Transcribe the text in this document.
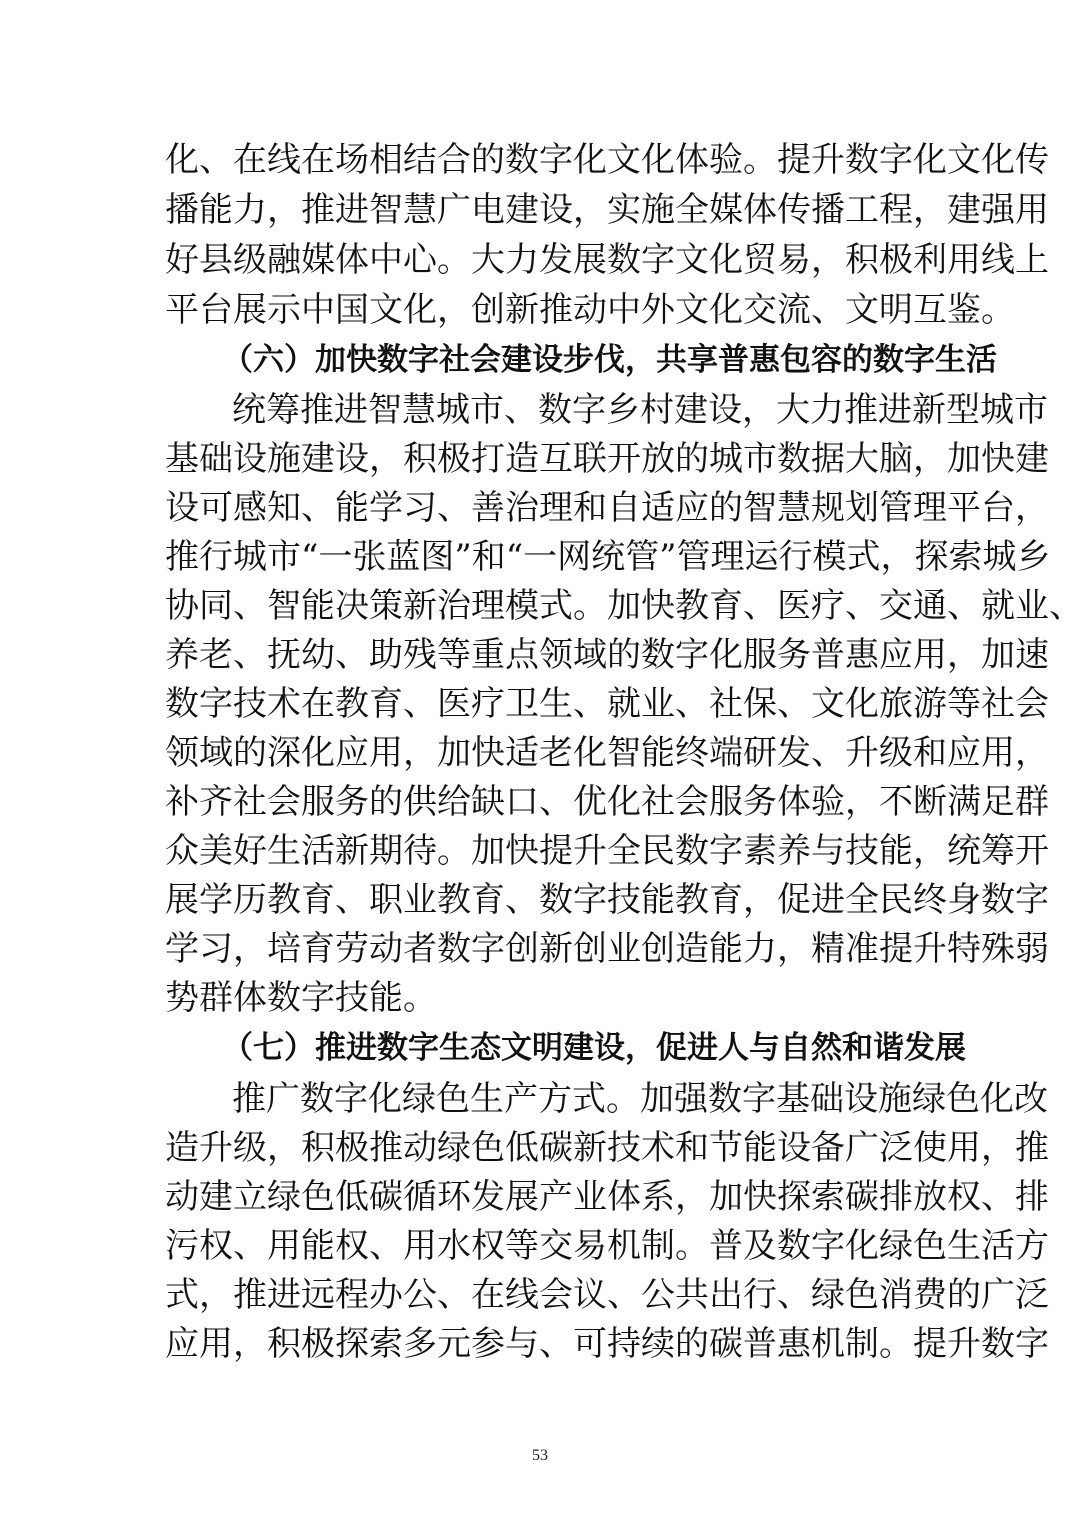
化、在线在场相结合的数字化文化体验。提升数字化文化传
播能力，推进智慧广电建设，实施全媒体传播工程，建强用
好县级融媒体中心。大力发展数字文化贸易，积极利用线上
平台展示中国文化，创新推动中外文化交流、文明互鉴。
（六）加快数字社会建设步伐，共享普惠包容的数字生活
统筹推进智慧城市、数字乡村建设，大力推进新型城市
基础设施建设，积极打造互联开放的城市数据大脑，加快建
设可感知、能学习、善治理和自适应的智慧规划管理平台，
推行城市“一张蓝图”和“一网统管”管理运行模式，探索城乡
协同、智能决策新治理模式。加快教育、医疗、交通、就业、
养老、抚幼、助残等重点领域的数字化服务普惠应用，加速
数字技术在教育、医疗卫生、就业、社保、文化旅游等社会
领域的深化应用，加快适老化智能终端研发、升级和应用，
补齐社会服务的供给缺口、优化社会服务体验，不断满足群
众美好生活新期待。加快提升全民数字素养与技能，统筹开
展学历教育、职业教育、数字技能教育，促进全民终身数字
学习，培育劳动者数字创新创业创造能力，精准提升特殊弱
势群体数字技能。
（七）推进数字生态文明建设，促进人与自然和谐发展
推广数字化绿色生产方式。加强数字基础设施绿色化改
造升级，积极推动绿色低碳新技术和节能设备广泛使用，推
动建立绿色低碳循环发展产业体系，加快探索碳排放权、排
污权、用能权、用水权等交易机制。普及数字化绿色生活方
式，推进远程办公、在线会议、公共出行、绿色消费的广泛
应用，积极探索多元参与、可持续的碳普惠机制。提升数字
53
